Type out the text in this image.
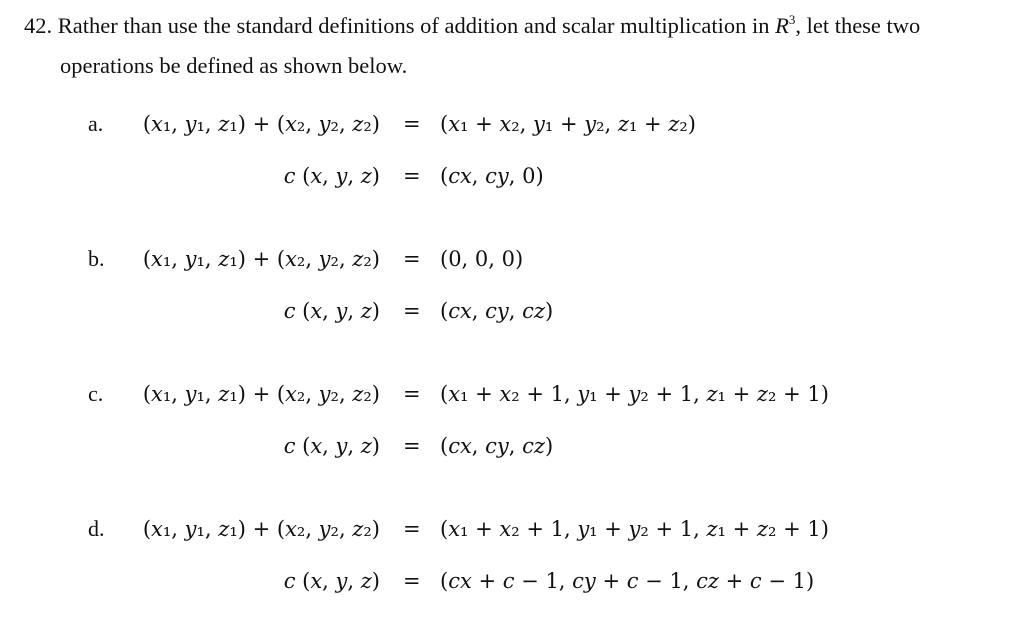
42. Rather than use the standard definitions of addition and scalar multiplication in $R^3$, let these two
operations be defined as shown below.
a. (𝑥₁, 𝑦₁, 𝑧₁) + (𝑥₂, 𝑦₂, 𝑧₂) = (𝑥₁ + 𝑥₂, 𝑦₁ + 𝑦₂, 𝑧₁ + 𝑧₂)
𝑐 (𝑥, 𝑦, 𝑧) = (𝑐𝑥, 𝑐𝑦, 0)
b. (𝑥₁, 𝑦₁, 𝑧₁) + (𝑥₂, 𝑦₂, 𝑧₂) = (0, 0, 0)
𝑐 (𝑥, 𝑦, 𝑧) = (𝑐𝑥, 𝑐𝑦, 𝑐𝑧)
c. (𝑥₁, 𝑦₁, 𝑧₁) + (𝑥₂, 𝑦₂, 𝑧₂) = (𝑥₁ + 𝑥₂ + 1, 𝑦₁ + 𝑦₂ + 1, 𝑧₁ + 𝑧₂ + 1)
𝑐 (𝑥, 𝑦, 𝑧) = (𝑐𝑥, 𝑐𝑦, 𝑐𝑧)
d. (𝑥₁, 𝑦₁, 𝑧₁) + (𝑥₂, 𝑦₂, 𝑧₂) = (𝑥₁ + 𝑥₂ + 1, 𝑦₁ + 𝑦₂ + 1, 𝑧₁ + 𝑧₂ + 1)
𝑐 (𝑥, 𝑦, 𝑧) = (𝑐𝑥 + 𝑐 − 1, 𝑐𝑦 + 𝑐 − 1, 𝑐𝑧 + 𝑐 − 1)
